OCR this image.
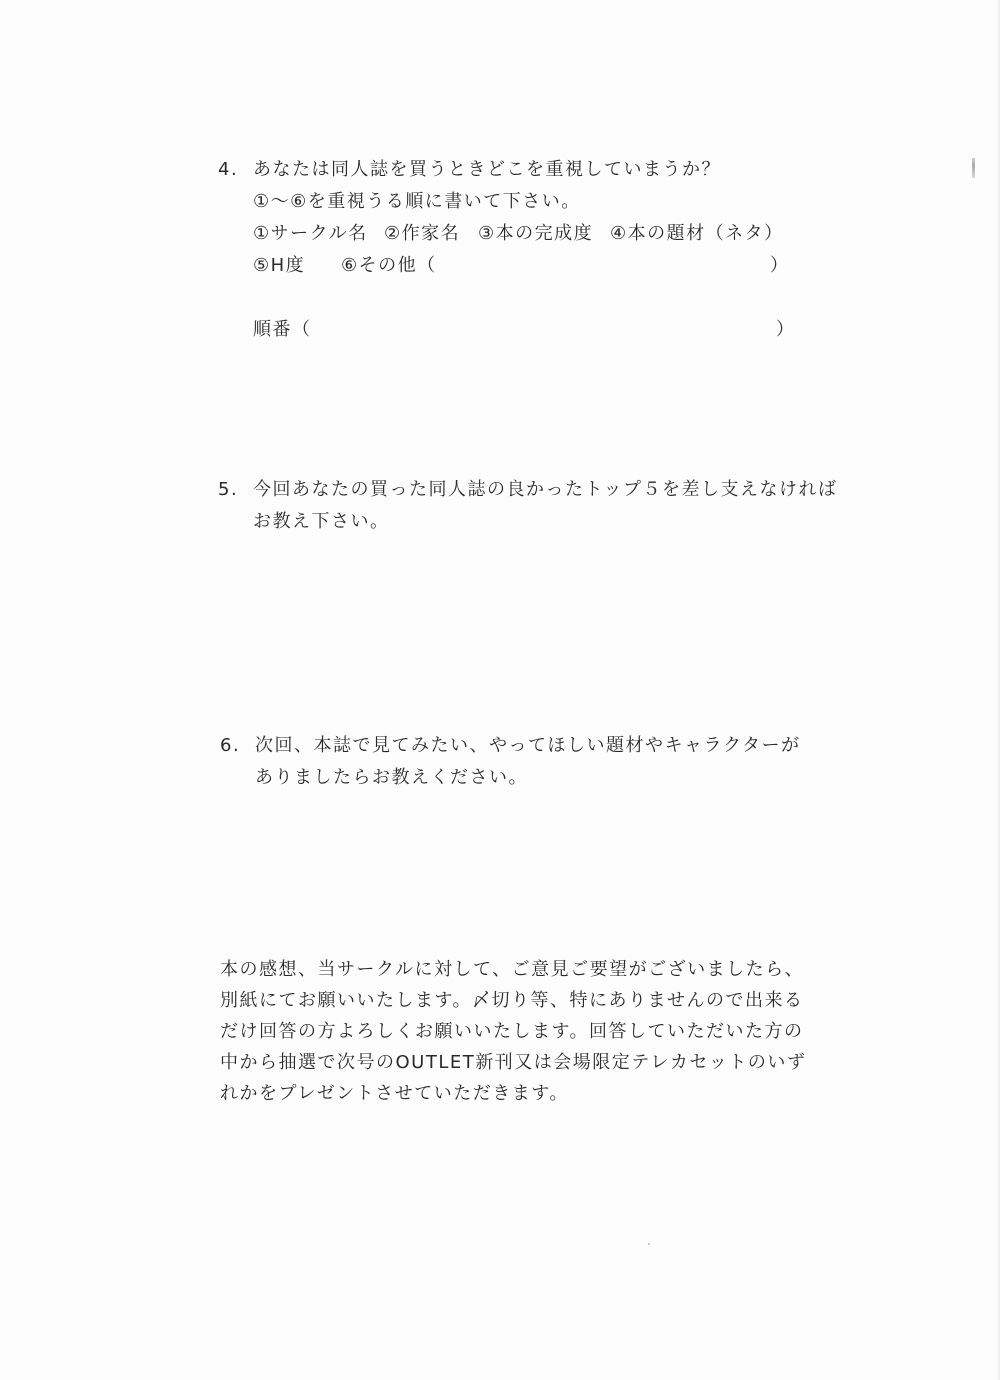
4. あなたは同人誌を買うときどこを重視していまうか？
①～⑥を重視うる順に書いて下さい。
①サークル名 ②作家名 ③本の完成度 ④本の題材（ネタ）
⑤H度 ⑥その他（	）
順番（	）
5. 今回あなたの買った同人誌の良かったトップ５を差し支えなければ
お教え下さい。
6. 次回、本誌で見てみたい、やってほしい題材やキャラクターが
ありましたらお教えください。
本の感想、当サークルに対して、ご意見ご要望がございましたら、
別紙にてお願いいたします。〆切り等、特にありませんので出来る
だけ回答の方よろしくお願いいたします。回答していただいた方の
中から抽選で次号のOUTLET新刊又は会場限定テレカセットのいず
れかをプレゼントさせていただきます。
